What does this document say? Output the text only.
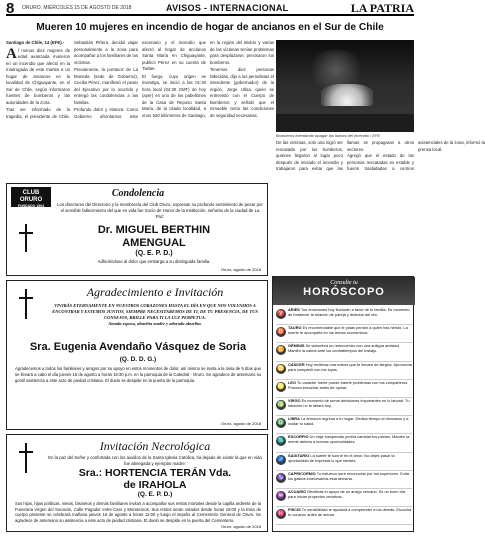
8 ORURO, MIÉRCOLES 15 DE AGOSTO DE 2018	AVISOS - INTERNACIONAL	LA PATRIA
Mueren 10 mujeres en incendio de hogar de ancianos en el Sur de Chile

Santiago de Chile, 14 (EFE).-

Al menos diez mujeres de edad avanzada murieron en un incendio que afectó en la madrugada de este martes a un hogar de ancianos en la localidad de Chiguayante, en el Sur de Chile, según informaron fuentes de bomberos y las autoridades de la zona.

Tras ser informado de la tragedia, el presidente de Chile, Sebastián Piñera, decidió viajar personalmente a la zona para acompañar a los familiares de las víctimas.

Previamente, la portavoz de La Moneda (sede de Gobierno), Cecilia Pérez, manifestó el pesar del Ejecutivo por lo ocurrido y entregó las condolencias a las familias.

Profundo dolor y tristeza. Como Gobierno afrontamos este escenario y el incendio que afectó al hogar de ancianos Santa María en Chiguayante, publicó Pérez en su cuenta de Twitter.

El fuego, cuyo origen se investiga, se inició a las 01:30 hora local (04:30 GMT) de hoy (ayer) en uno de los pabellones de la Casa de Reposo Santa María, de la citada localidad, a unos 520 kilómetros de Santiago, en la región del Biobío y varias de las víctimas tenían problemas para desplazarse, precisaron los bomberos.

Tenemos diez personas fallecidas, dijo a los periodistas el intendente (gobernador) de la región, Jorge Ulloa, quien se entrevistó con el Cuerpo de Bomberos y señaló que el inmueble tenía las condiciones de seguridad necesarias.

Bomberos intentando apagar las llamas del incendio / EFE

De las víctimas, solo una logró ser rescatada por los bomberos, quienes llegaron al lugar poco después de iniciado el incendio y trabajaron para evitar que las llamas se propagaran a otros sectores.

Agregó que el estado de las personas rescatadas es estable y fueron trasladadas a centros asistenciales de la zona, informó la prensa local.

CLUB ORURO
FUNDADO 1904
Condolencia
Los directores del Directorio y la membresía del Club Oruro, expresan su profundo sentimiento de pesar por el sensible fallecimiento del que en vida fue Socio de Honor de la Institución, señorito de la ciudad de La Paz:
Dr. MIGUEL BERTHIN
AMENGUAL
(Q. E. P. D.)
Adhiriéndose al dolor que embarga a su distinguida familia.
Oruro, agosto de 2018
Agradecimiento e Invitación
VIVIRÁS ETERNAMENTE EN NUESTROS CORAZONES HASTA EL DÍA EN QUE NOS VOLVAMOS A ENCONTRAR Y ESTEMOS JUNTOS, SIEMPRE NECESITAREMOS DE TI, DE TU PRESENCIA, DE TUS CONSEJOS, BRILLE PARA TI LA LUZ PERPETUA.
Amada esposa, abuelita madre y adorada abuelita.
Sra. Eugenia Avendaño Vásquez de Soria
(Q. D. D. G.)
Agradecemos a todos los familiares y amigos por su apoyo en estos momentos de dolor, así mismo se invita a la misa de 9 días que se llevará a cabo el día jueves 16 de agosto a horas 19:30 p.m. en la parroquia de la Catedral - Oruro. Se agradece de antemano su gentil asistencia a este acto de piedad cristiana. El duelo se despide en la puerta de la parroquia.
Oruro, agosto de 2018
Invitación Necrológica
En la paz del Señor y confortada con los auxilios de la Santa Iglesia Católica, ha dejado de existir la que en vida fue abnegada y ejemplar madre:
Sra.: HORTENCIA TERÁN Vda.
de IRAHOLA
(Q. E. P. D.)
Sus hijos, hijas políticas, nietos, bisnietos y demás familiares invitan a acompañar sus restos mortales desde la capilla ardiente de la Funeraria Virgen del Socavón, Calle Pagador entre Caro y Montecinos. Sus restos serán velados desde horas 18:00 y la misa de cuerpo presente se celebrará mañana jueves 16 de agosto a horas 12:00 y luego el sepelio al Cementerio General de Oruro. Se agradece de antemano su asistencia a este acto de piedad cristiana. El duelo se despide en la puerta del Cementerio.
Oruro, agosto de 2018
Consulte tu
HORÓSCOPO
♈
ARIES Tus emociones hoy flucturán a favor de tu familia. Es momento de fortalecer la relación de pareja y disfrutar del día.
♉
TAURO Es recomendable que le pidas perdón a quien has herido. La suerte te acompaña en los temas económicos.
♊
GÉMINIS Se vislumbra un reencuentro con una antigua amistad. Mantén la calma ante los contratiempos del trabajo.
♋
CÁNCER Hoy recibirás una noticia que te llenará de alegría. Aprovecha para compartir con los tuyos.
♌
LEO Tu carácter fuerte puede traerte problemas con tus compañeros. Procura escuchar antes de opinar.
♍
VIRGO Es momento de tomar decisiones importantes en lo laboral. Tu intuición no te fallará hoy.
♎
LIBRA La armonía regresa a tu hogar. Dedica tiempo al descanso y a cuidar tu salud.
♏
ESCORPIO Un viaje inesperado podría cambiar tus planes. Mantén la mente abierta a nuevas oportunidades.
♐
SAGITARIO La suerte te sonríe en el amor. No dejes pasar la oportunidad de expresar lo que sientes.
♑
CAPRICORNIO Tu esfuerzo será reconocido por tus superiores. Evita los gastos innecesarios esta semana.
♒
ACUARIO Recibirás el apoyo de un amigo cercano. Es un buen día para iniciar proyectos creativos.
♓
PISCIS Tu sensibilidad te ayudará a comprender a los demás. Escucha tu corazón antes de actuar.
